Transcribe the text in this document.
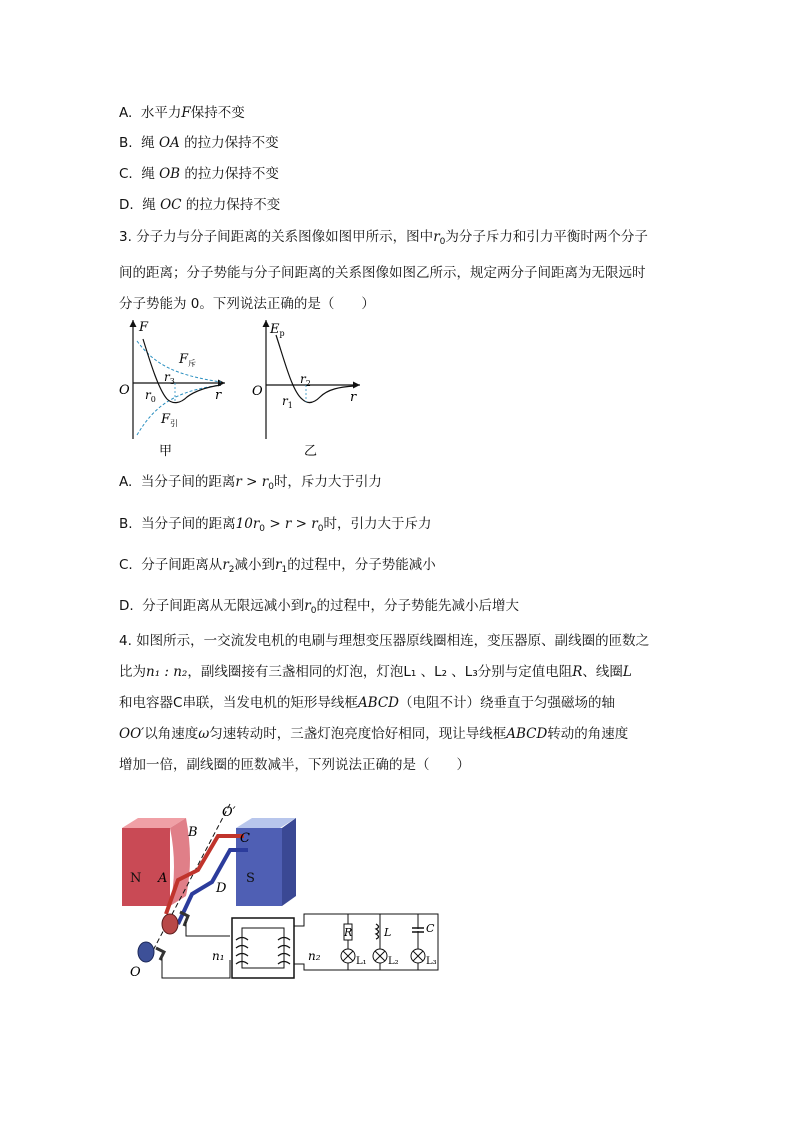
A. 水平力F保持不变
B. 绳 OA 的拉力保持不变
C. 绳 OB 的拉力保持不变
D. 绳 OC 的拉力保持不变
3. 分子力与分子间距离的关系图像如图甲所示，图中$r_0$为分子斥力和引力平衡时两个分子
间的距离；分子势能与分子间距离的关系图像如图乙所示，规定两分子间距离为无限远时
分子势能为 0。下列说法正确的是（　　）
F
O	r
$F_斥$
$r_3$
$r_0$
$F_引$
甲
$E_p$
O	r
$r_2$
$r_1$
乙
A. 当分子间的距离$r > r_0$时，斥力大于引力
B. 当分子间的距离$10r_0 > r > r_0$时，引力大于斥力
C. 分子间距离从$r_2$减小到$r_1$的过程中，分子势能减小
D. 分子间距离从无限远减小到$r_0$的过程中，分子势能先减小后增大
4. 如图所示，一交流发电机的电刷与理想变压器原线圈相连，变压器原、副线圈的匝数之
比为n₁ : n₂，副线圈接有三盏相同的灯泡，灯泡L₁ 、L₂ 、L₃分别与定值电阻R、线圈L
和电容器C串联，当发电机的矩形导线框ABCD（电阻不计）绕垂直于匀强磁场的轴
OO′以角速度ω匀速转动时，三盏灯泡亮度恰好相同，现让导线框ABCD转动的角速度
增加一倍，副线圈的匝数减半，下列说法正确的是（　　）
N	S
A
B	C
D
O′
O
n₁	n₂
R	L	C
L₁ L₂	L₃
